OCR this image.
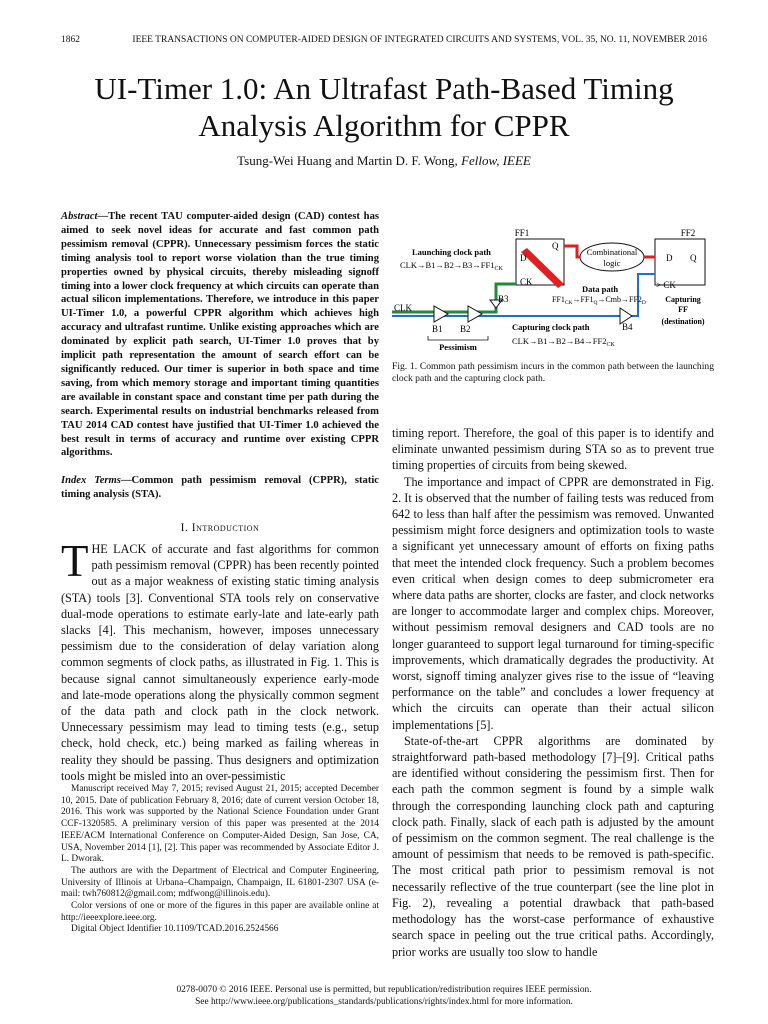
1862	IEEE TRANSACTIONS ON COMPUTER-AIDED DESIGN OF INTEGRATED CIRCUITS AND SYSTEMS, VOL. 35, NO. 11, NOVEMBER 2016
UI-Timer 1.0: An Ultrafast Path-Based Timing Analysis Algorithm for CPPR
Tsung-Wei Huang and Martin D. F. Wong, Fellow, IEEE
Abstract—The recent TAU computer-aided design (CAD) contest has aimed to seek novel ideas for accurate and fast common path pessimism removal (CPPR). Unnecessary pessimism forces the static timing analysis tool to report worse violation than the true timing properties owned by physical circuits, thereby misleading signoff timing into a lower clock frequency at which circuits can operate than actual silicon implementations. Therefore, we introduce in this paper UI-Timer 1.0, a powerful CPPR algorithm which achieves high accuracy and ultrafast runtime. Unlike existing approaches which are dominated by explicit path search, UI-Timer 1.0 proves that by implicit path representation the amount of search effort can be significantly reduced. Our timer is superior in both space and time saving, from which memory storage and important timing quantities are available in constant space and constant time per path during the search. Experimental results on industrial benchmarks released from TAU 2014 CAD contest have justified that UI-Timer 1.0 achieved the best result in terms of accuracy and runtime over existing CPPR algorithms.
Index Terms—Common path pessimism removal (CPPR), static timing analysis (STA).
I. Introduction

THE LACK of accurate and fast algorithms for common path pessimism removal (CPPR) has been recently pointed out as a major weakness of existing static timing analysis (STA) tools [3]. Conventional STA tools rely on conservative dual-mode operations to estimate early-late and late-early path slacks [4]. This mechanism, however, imposes unnecessary pessimism due to the consideration of delay variation along common segments of clock paths, as illustrated in Fig. 1. This is because signal cannot simultaneously experience early-mode and late-mode operations along the physically common segment of the data path and clock path in the clock network. Unnecessary pessimism may lead to timing tests (e.g., setup check, hold check, etc.) being marked as failing whereas in reality they should be passing. Thus designers and optimization tools might be misled into an over-pessimistic

Manuscript received May 7, 2015; revised August 21, 2015; accepted December 10, 2015. Date of publication February 8, 2016; date of current version October 18, 2016. This work was supported by the National Science Foundation under Grant CCF-1320585. A preliminary version of this paper was presented at the 2014 IEEE/ACM International Conference on Computer-Aided Design, San Jose, CA, USA, November 2014 [1], [2]. This paper was recommended by Associate Editor J. L. Dworak.

The authors are with the Department of Electrical and Computer Engineering, University of Illinois at Urbana–Champaign, Champaign, IL 61801-2307 USA (e-mail: twh760812@gmail.com; mdfwong@illinois.edu).

Color versions of one or more of the figures in this paper are available online at http://ieeexplore.ieee.org.

Digital Object Identifier 10.1109/TCAD.2016.2524566

FF1	FF2
D
Q
CK
D Q
> CK
Combinational
logic
Launching clock path
$CLK\to B1\to B2\to B3\to FF1_{CK}$
Data path
$FF1_{CK}\to FF1_Q\to Cmb\to FF2_D$
CLK
B1 B2
B3
B4
Pessimism
Capturing clock path
$CLK\to B1\to B2\to B4\to FF2_{CK}$
Capturing
FF
(destination)
Fig. 1. Common path pessimism incurs in the common path between the launching clock path and the capturing clock path.

timing report. Therefore, the goal of this paper is to identify and eliminate unwanted pessimism during STA so as to prevent true timing properties of circuits from being skewed.

The importance and impact of CPPR are demonstrated in Fig. 2. It is observed that the number of failing tests was reduced from 642 to less than half after the pessimism was removed. Unwanted pessimism might force designers and optimization tools to waste a significant yet unnecessary amount of efforts on fixing paths that meet the intended clock frequency. Such a problem becomes even critical when design comes to deep submicrometer era where data paths are shorter, clocks are faster, and clock networks are longer to accommodate larger and complex chips. Moreover, without pessimism removal designers and CAD tools are no longer guaranteed to support legal turnaround for timing-specific improvements, which dramatically degrades the productivity. At worst, signoff timing analyzer gives rise to the issue of “leaving performance on the table” and concludes a lower frequency at which the circuits can operate than their actual silicon implementations [5].

State-of-the-art CPPR algorithms are dominated by straightforward path-based methodology [7]–[9]. Critical paths are identified without considering the pessimism first. Then for each path the common segment is found by a simple walk through the corresponding launching clock path and capturing clock path. Finally, slack of each path is adjusted by the amount of pessimism on the common segment. The real challenge is the amount of pessimism that needs to be removed is path-specific. The most critical path prior to pessimism removal is not necessarily reflective of the true counterpart (see the line plot in Fig. 2), revealing a potential drawback that path-based methodology has the worst-case performance of exhaustive search space in peeling out the true critical paths. Accordingly, prior works are usually too slow to handle

0278-0070 © 2016 IEEE. Personal use is permitted, but republication/redistribution requires IEEE permission.
See http://www.ieee.org/publications_standards/publications/rights/index.html for more information.
